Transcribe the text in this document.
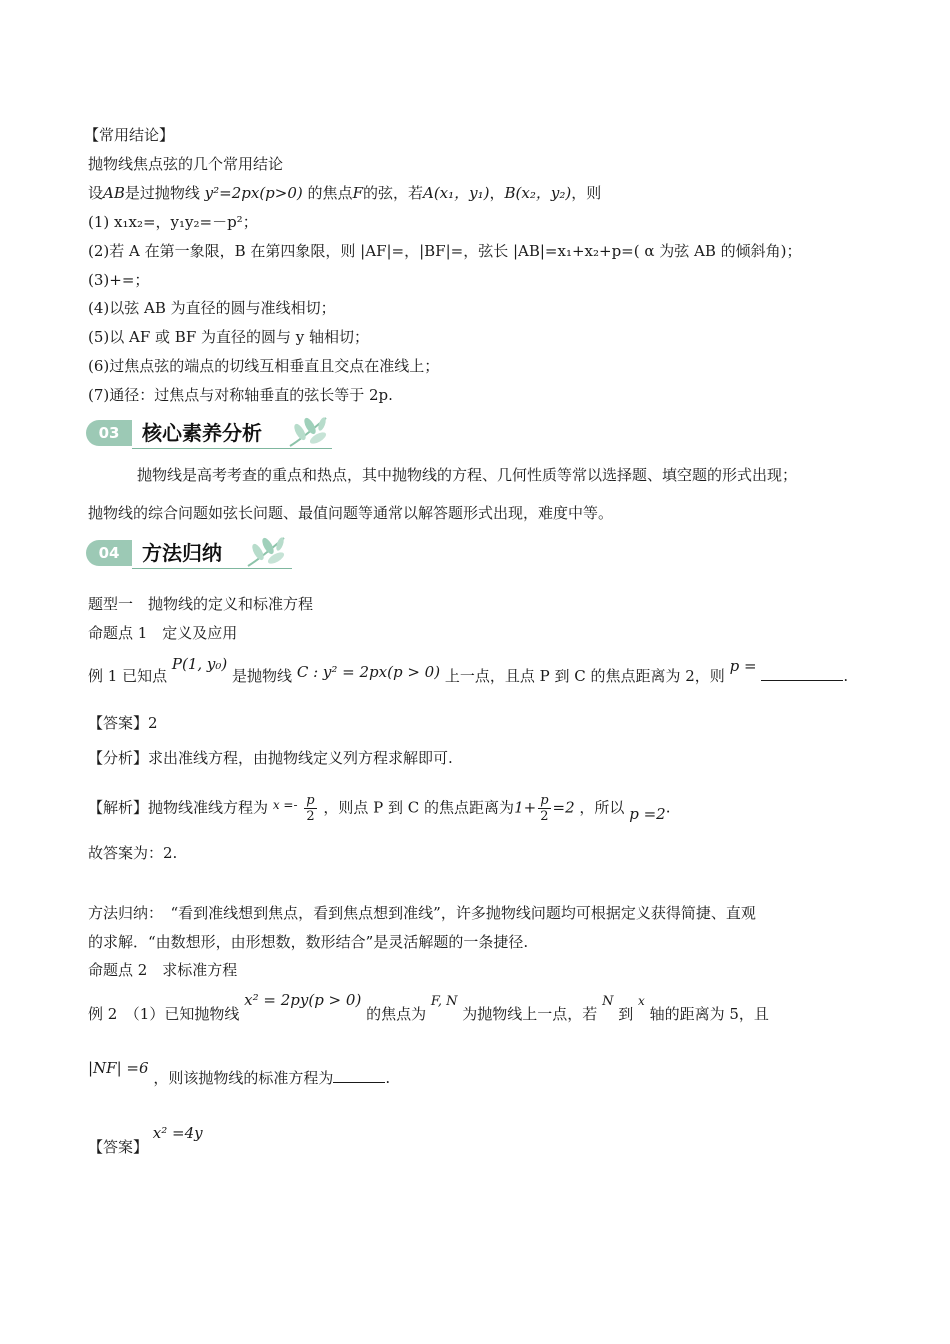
【常用结论】
抛物线焦点弦的几个常用结论
设AB是过抛物线 y²=2px(p>0) 的焦点F的弦，若A(x₁，y₁)，B(x₂，y₂)，则
(1) x₁x₂=，y₁y₂=－p²；
(2)若 A 在第一象限，B 在第四象限，则 |AF|=，|BF|=，弦长 |AB|=x₁+x₂+p=( α 为弦 AB 的倾斜角)；
(3)+=；
(4)以弦 AB 为直径的圆与准线相切；
(5)以 AF 或 BF 为直径的圆与 y 轴相切；
(6)过焦点弦的端点的切线互相垂直且交点在准线上；
(7)通径：过焦点与对称轴垂直的弦长等于 2p.
03	核心素养分析
抛物线是高考考查的重点和热点，其中抛物线的方程、几何性质等常以选择题、填空题的形式出现；
抛物线的综合问题如弦长问题、最值问题等通常以解答题形式出现，难度中等。
04	方法归纳
题型一　抛物线的定义和标准方程
命题点 1　定义及应用
例 1 已知点 P(1, y₀) 是抛物线 C : y² = 2px(p > 0) 上一点，且点 P 到 C 的焦点距离为 2，则 p = .
【答案】2
【分析】求出准线方程，由抛物线定义列方程求解即可.
【解析】抛物线准线方程为 $^{x =-} \frac{p}{2}$ ，则点 P 到 C 的焦点距离为$1+ \frac{p}{2} =2$ ，所以 p =2.
故答案为：2.
方法归纳：　“看到准线想到焦点，看到焦点想到准线”，许多抛物线问题均可根据定义获得简捷、直观
的求解．“由数想形，由形想数，数形结合”是灵活解题的一条捷径.
命题点 2　求标准方程
例 2　（1）已知抛物线 x² = 2py(p > 0) 的焦点为 F, N 为抛物线上一点，若 N 到 $^x$ 轴的距离为 5，且
|NF| =6 ，则该抛物线的标准方程为	.
【答案】 x² =4y
